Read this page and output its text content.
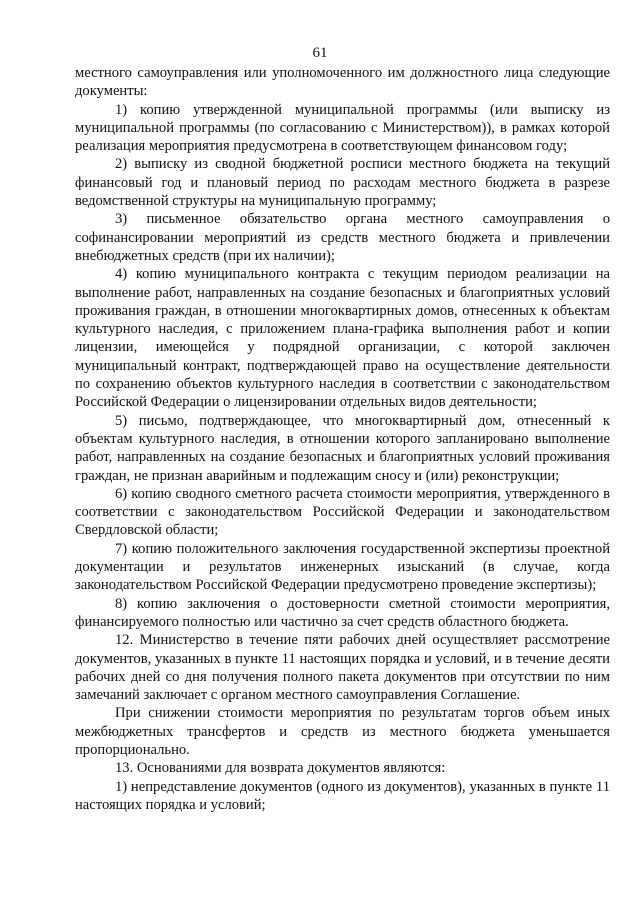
61

местного самоуправления или уполномоченного им должностного лица следующие документы:

1) копию утвержденной муниципальной программы (или выписку из муниципальной программы (по согласованию с Министерством)), в рамках которой реализация мероприятия предусмотрена в соответствующем финансовом году;

2) выписку из сводной бюджетной росписи местного бюджета на текущий финансовый год и плановый период по расходам местного бюджета в разрезе ведомственной структуры на муниципальную программу;

3) письменное обязательство органа местного самоуправления о софинансировании мероприятий из средств местного бюджета и привлечении внебюджетных средств (при их наличии);

4) копию муниципального контракта с текущим периодом реализации на выполнение работ, направленных на создание безопасных и благоприятных условий проживания граждан, в отношении многоквартирных домов, отнесенных к объектам культурного наследия, с приложением плана-графика выполнения работ и копии лицензии, имеющейся у подрядной организации, с которой заключен муниципальный контракт, подтверждающей право на осуществление деятельности по сохранению объектов культурного наследия в соответствии с законодательством Российской Федерации о лицензировании отдельных видов деятельности;

5) письмо, подтверждающее, что многоквартирный дом, отнесенный к объектам культурного наследия, в отношении которого запланировано выполнение работ, направленных на создание безопасных и благоприятных условий проживания граждан, не признан аварийным и подлежащим сносу и (или) реконструкции;

6) копию сводного сметного расчета стоимости мероприятия, утвержденного в соответствии с законодательством Российской Федерации и законодательством Свердловской области;

7) копию положительного заключения государственной экспертизы проектной документации и результатов инженерных изысканий (в случае, когда законодательством Российской Федерации предусмотрено проведение экспертизы);

8) копию заключения о достоверности сметной стоимости мероприятия, финансируемого полностью или частично за счет средств областного бюджета.

12. Министерство в течение пяти рабочих дней осуществляет рассмотрение документов, указанных в пункте 11 настоящих порядка и условий, и в течение десяти рабочих дней со дня получения полного пакета документов при отсутствии по ним замечаний заключает с органом местного самоуправления Соглашение.

При снижении стоимости мероприятия по результатам торгов объем иных межбюджетных трансфертов и средств из местного бюджета уменьшается пропорционально.

13. Основаниями для возврата документов являются:

1) непредставление документов (одного из документов), указанных в пункте 11 настоящих порядка и условий;
